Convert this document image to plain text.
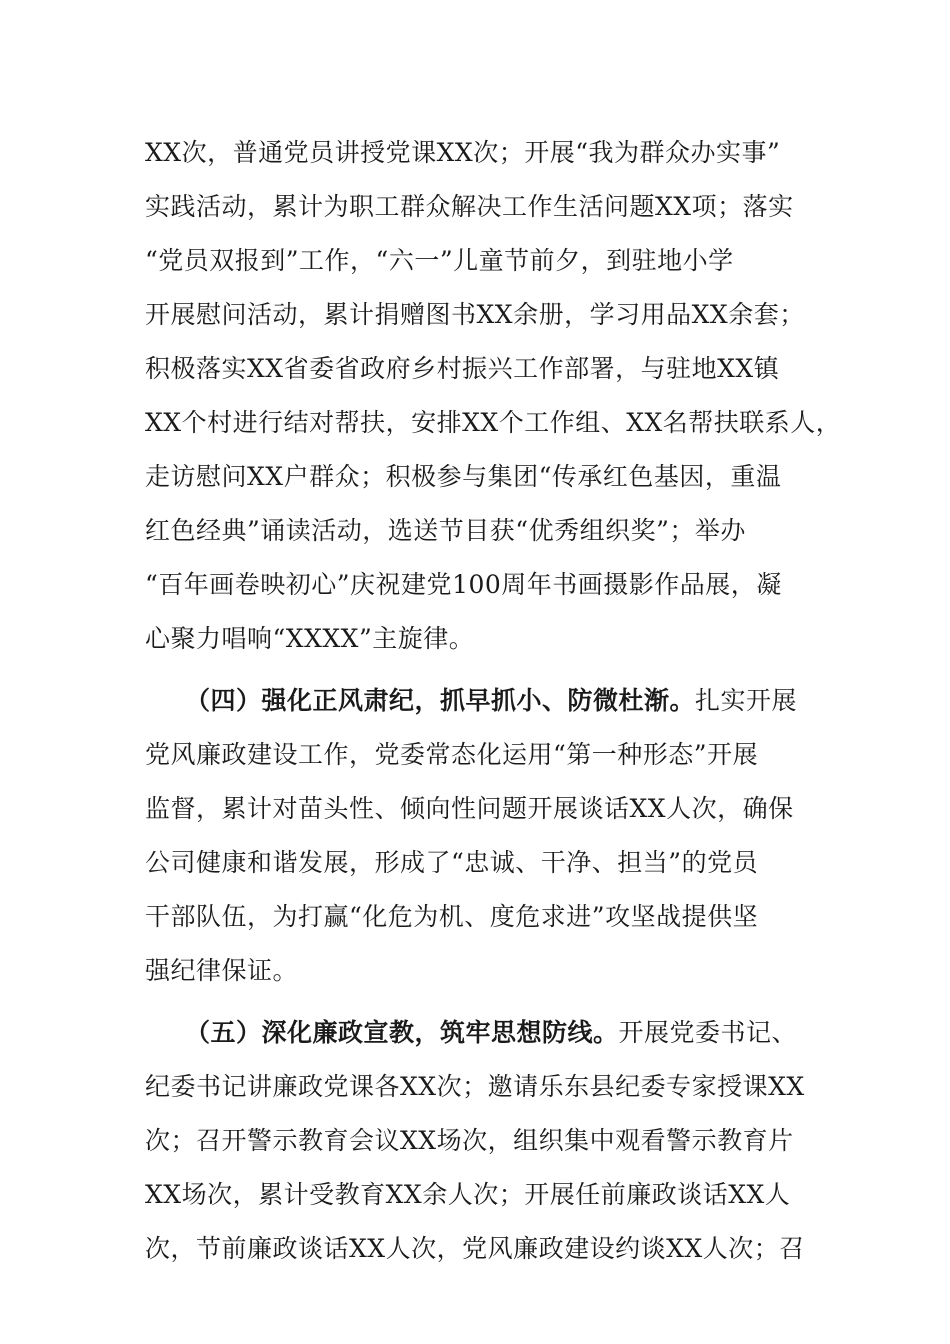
XX次，普通党员讲授党课XX次；开展“我为群众办实事”
实践活动，累计为职工群众解决工作生活问题XX项；落实
“党员双报到”工作，“六一”儿童节前夕，到驻地小学
开展慰问活动，累计捐赠图书XX余册，学习用品XX余套；
积极落实XX省委省政府乡村振兴工作部署，与驻地XX镇
XX个村进行结对帮扶，安排XX个工作组、XX名帮扶联系人，
走访慰问XX户群众；积极参与集团“传承红色基因，重温
红色经典”诵读活动，选送节目获“优秀组织奖”；举办
“百年画卷映初心”庆祝建党100周年书画摄影作品展，凝
心聚力唱响“XXXX”主旋律。
（四）强化正风肃纪，抓早抓小、防微杜渐。扎实开展
党风廉政建设工作，党委常态化运用“第一种形态”开展
监督，累计对苗头性、倾向性问题开展谈话XX人次，确保
公司健康和谐发展，形成了“忠诚、干净、担当”的党员
干部队伍，为打赢“化危为机、度危求进”攻坚战提供坚
强纪律保证。
（五）深化廉政宣教，筑牢思想防线。开展党委书记、
纪委书记讲廉政党课各XX次；邀请乐东县纪委专家授课XX
次；召开警示教育会议XX场次，组织集中观看警示教育片
XX场次，累计受教育XX余人次；开展任前廉政谈话XX人
次，节前廉政谈话XX人次，党风廉政建设约谈XX人次；召
